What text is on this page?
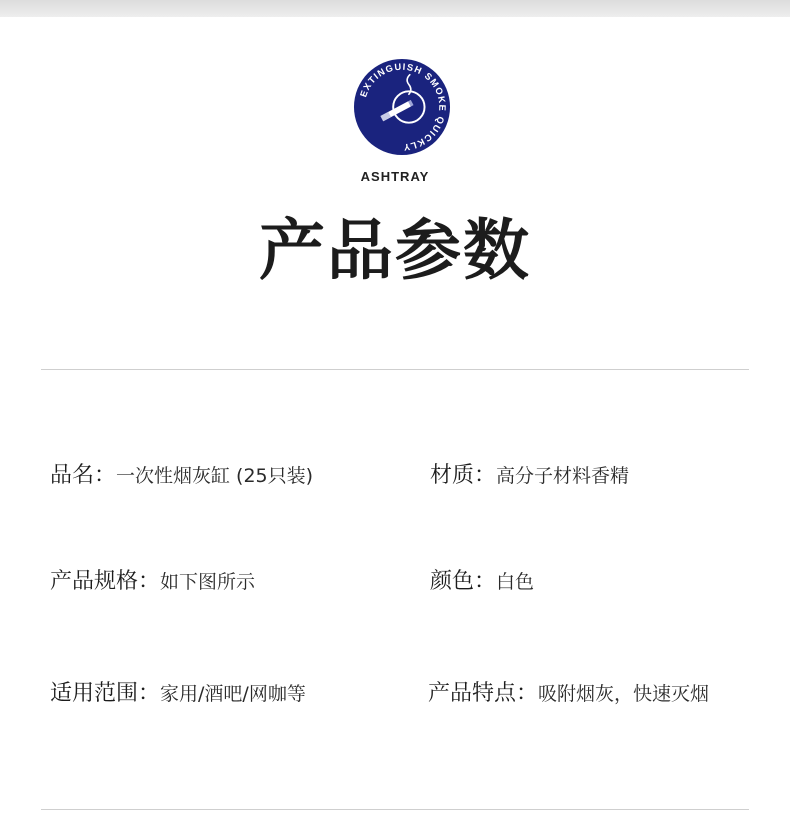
EXTINGUISH SMOKE QUICKLY
ASHTRAY
产品参数
品名：一次性烟灰缸 (25只装)	材质：高分子材料香精
产品规格：如下图所示	颜色：白色
适用范围：家用/酒吧/网咖等	产品特点：吸附烟灰，快速灭烟
